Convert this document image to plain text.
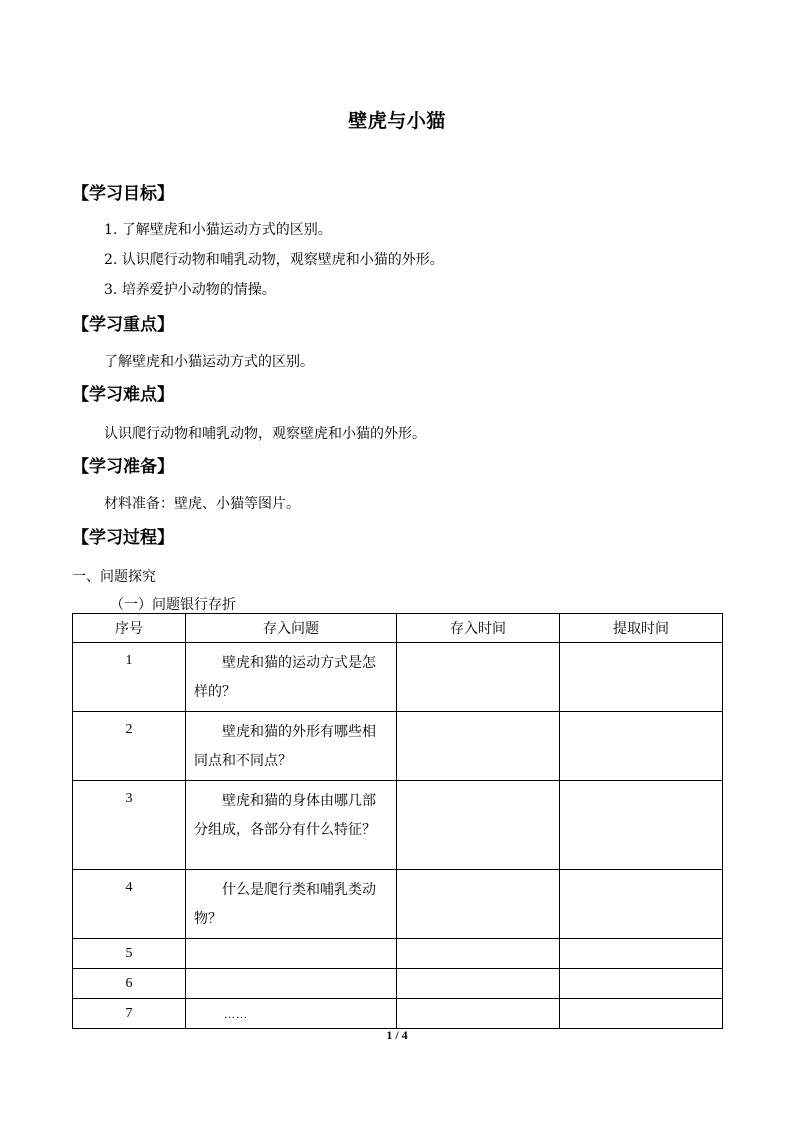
壁虎与小猫
【学习目标】
1. 了解壁虎和小猫运动方式的区别。
2. 认识爬行动物和哺乳动物，观察壁虎和小猫的外形。
3. 培养爱护小动物的情操。
【学习重点】
了解壁虎和小猫运动方式的区别。
【学习难点】
认识爬行动物和哺乳动物，观察壁虎和小猫的外形。
【学习准备】
材料准备：壁虎、小猫等图片。
【学习过程】
一、问题探究
（一）问题银行存折
序号	存入问题	存入时间	提取时间
1	壁虎和猫的运动方式是怎样的？		
2	壁虎和猫的外形有哪些相同点和不同点？		
3	壁虎和猫的身体由哪几部分组成，各部分有什么特征？		
4	什么是爬行类和哺乳类动物？		
5			
6			
7	……		
1 / 4
